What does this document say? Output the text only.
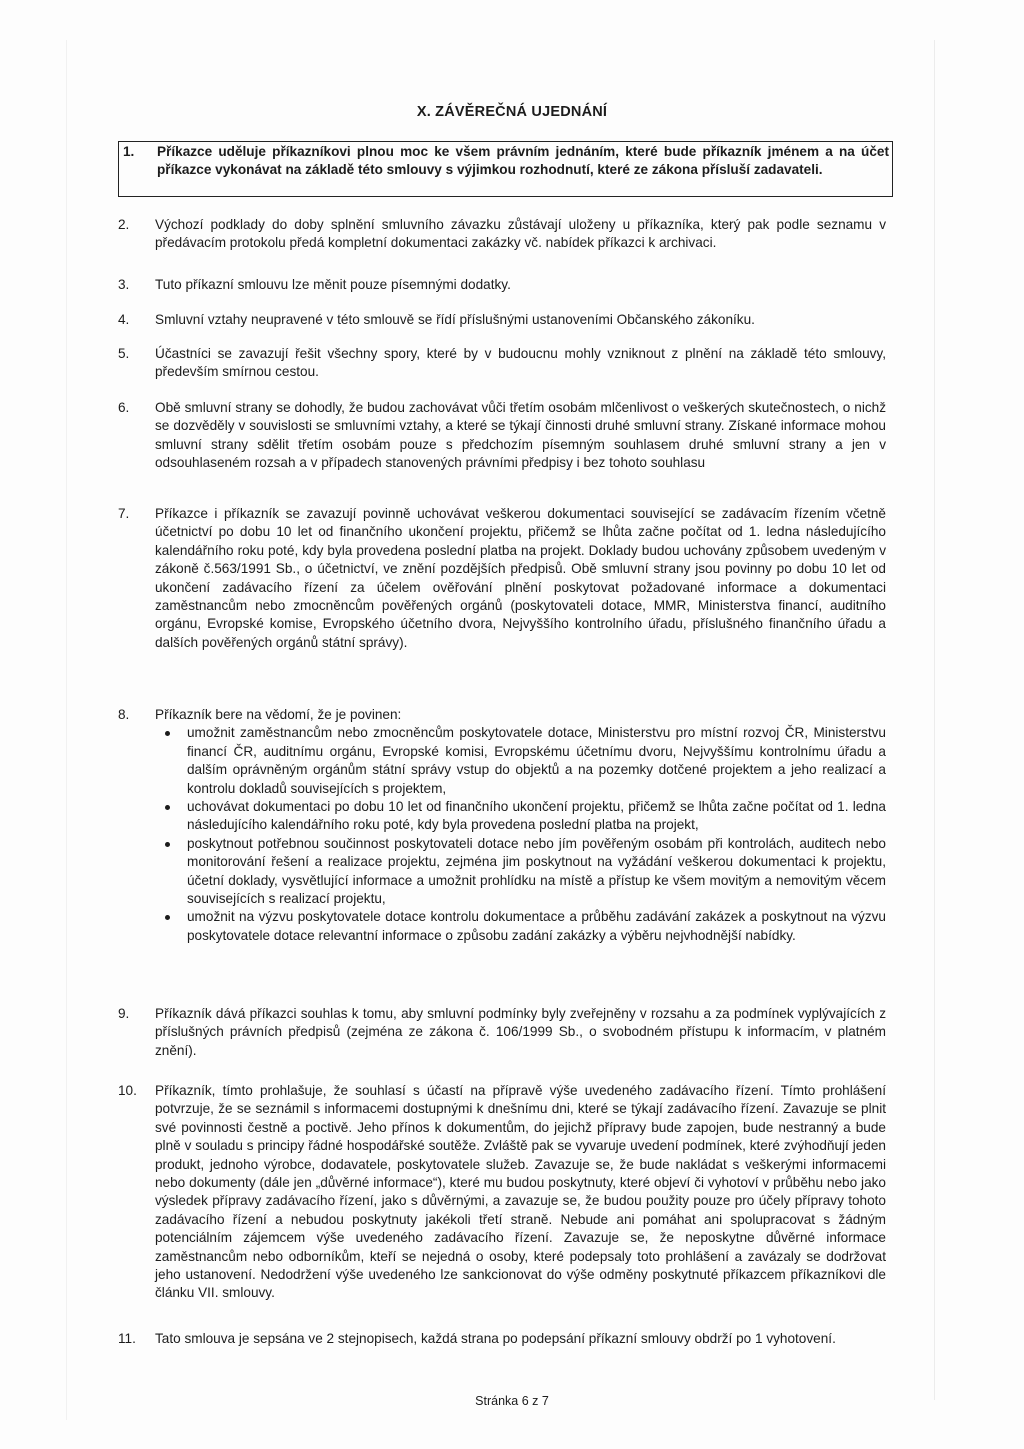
X. ZÁVĚREČNÁ UJEDNÁNÍ
1. Příkazce uděluje příkazníkovi plnou moc ke všem právním jednáním, které bude příkazník jménem a na účet příkazce vykonávat na základě této smlouvy s výjimkou rozhodnutí, které ze zákona přísluší zadavateli.
2.	Výchozí podklady do doby splnění smluvního závazku zůstávají uloženy u příkazníka, který pak podle seznamu v předávacím protokolu předá kompletní dokumentaci zakázky vč. nabídek příkazci k archivaci.
3.	Tuto příkazní smlouvu lze měnit pouze písemnými dodatky.
4.	Smluvní vztahy neupravené v této smlouvě se řídí příslušnými ustanoveními Občanského zákoníku.
5.	Účastníci se zavazují řešit všechny spory, které by v budoucnu mohly vzniknout z plnění na základě této smlouvy, především smírnou cestou.
6.	Obě smluvní strany se dohodly, že budou zachovávat vůči třetím osobám mlčenlivost o veškerých skutečnostech, o nichž se dozvěděly v souvislosti se smluvními vztahy, a které se týkají činnosti druhé smluvní strany. Získané informace mohou smluvní strany sdělit třetím osobám pouze s předchozím písemným souhlasem druhé smluvní strany a jen v odsouhlaseném rozsah a v případech stanovených právními předpisy i bez tohoto souhlasu
7.	Příkazce i příkazník se zavazují povinně uchovávat veškerou dokumentaci související se zadávacím řízením včetně účetnictví po dobu 10 let od finančního ukončení projektu, přičemž se lhůta začne počítat od 1. ledna následujícího kalendářního roku poté, kdy byla provedena poslední platba na projekt. Doklady budou uchovány způsobem uvedeným v zákoně č.563/1991 Sb., o účetnictví, ve znění pozdějších předpisů. Obě smluvní strany jsou povinny po dobu 10 let od ukončení zadávacího řízení za účelem ověřování plnění poskytovat požadované informace a dokumentaci zaměstnancům nebo zmocněncům pověřených orgánů (poskytovateli dotace, MMR, Ministerstva financí, auditního orgánu, Evropské komise, Evropského účetního dvora, Nejvyššího kontrolního úřadu, příslušného finančního úřadu a dalších pověřených orgánů státní správy).
8.	Příkazník bere na vědomí, že je povinen:
umožnit zaměstnancům nebo zmocněncům poskytovatele dotace, Ministerstvu pro místní rozvoj ČR, Ministerstvu financí ČR, auditnímu orgánu, Evropské komisi, Evropskému účetnímu dvoru, Nejvyššímu kontrolnímu úřadu a dalším oprávněným orgánům státní správy vstup do objektů a na pozemky dotčené projektem a jeho realizací a kontrolu dokladů souvisejících s projektem,
uchovávat dokumentaci po dobu 10 let od finančního ukončení projektu, přičemž se lhůta začne počítat od 1. ledna následujícího kalendářního roku poté, kdy byla provedena poslední platba na projekt,
poskytnout potřebnou součinnost poskytovateli dotace nebo jím pověřeným osobám při kontrolách, auditech nebo monitorování řešení a realizace projektu, zejména jim poskytnout na vyžádání veškerou dokumentaci k projektu, účetní doklady, vysvětlující informace a umožnit prohlídku na místě a přístup ke všem movitým a nemovitým věcem souvisejících s realizací projektu,
umožnit na výzvu poskytovatele dotace kontrolu dokumentace a průběhu zadávání zakázek a poskytnout na výzvu poskytovatele dotace relevantní informace o způsobu zadání zakázky a výběru nejvhodnější nabídky.
9.	Příkazník dává příkazci souhlas k tomu, aby smluvní podmínky byly zveřejněny v rozsahu a za podmínek vyplývajících z příslušných právních předpisů (zejména ze zákona č. 106/1999 Sb., o svobodném přístupu k informacím, v platném znění).
10.	Příkazník, tímto prohlašuje, že souhlasí s účastí na přípravě výše uvedeného zadávacího řízení. Tímto prohlášení potvrzuje, že se seznámil s informacemi dostupnými k dnešnímu dni, které se týkají zadávacího řízení. Zavazuje se plnit své povinnosti čestně a poctivě. Jeho přínos k dokumentům, do jejichž přípravy bude zapojen, bude nestranný a bude plně v souladu s principy řádné hospodářské soutěže. Zvláště pak se vyvaruje uvedení podmínek, které zvýhodňují jeden produkt, jednoho výrobce, dodavatele, poskytovatele služeb. Zavazuje se, že bude nakládat s veškerými informacemi nebo dokumenty (dále jen „důvěrné informace“), které mu budou poskytnuty, které objeví či vyhotoví v průběhu nebo jako výsledek přípravy zadávacího řízení, jako s důvěrnými, a zavazuje se, že budou použity pouze pro účely přípravy tohoto zadávacího řízení a nebudou poskytnuty jakékoli třetí straně. Nebude ani pomáhat ani spolupracovat s žádným potenciálním zájemcem výše uvedeného zadávacího řízení. Zavazuje se, že neposkytne důvěrné informace zaměstnancům nebo odborníkům, kteří se nejedná o osoby, které podepsaly toto prohlášení a zavázaly se dodržovat jeho ustanovení. Nedodržení výše uvedeného lze sankcionovat do výše odměny poskytnuté příkazcem příkazníkovi dle článku VII. smlouvy.
11.	Tato smlouva je sepsána ve 2 stejnopisech, každá strana po podepsání příkazní smlouvy obdrží po 1 vyhotovení.
Stránka 6 z 7
